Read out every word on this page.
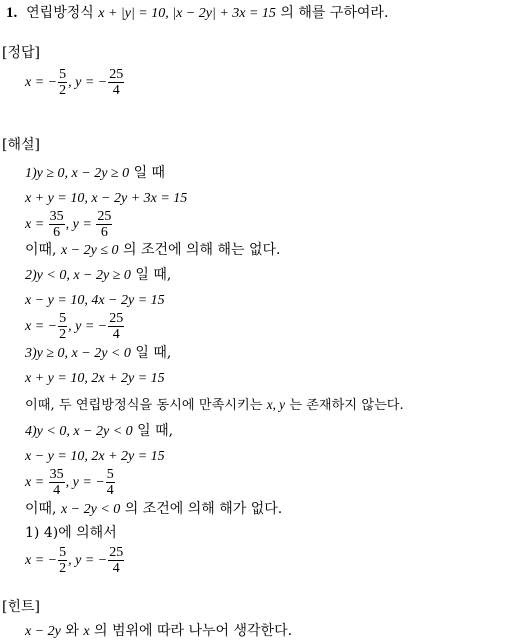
1. 연립방정식 x + |y| = 10, |x − 2y| + 3x = 15 의 해를 구하여라.
[정답]
x = − $\frac{5}{2}$ , y = − $\frac{25}{4}$
[해설]
1)y ≥ 0, x − 2y ≥ 0 일 때
x + y = 10, x − 2y + 3x = 15
$x = \frac{35}{6}$ , $y = \frac{25}{6}$
이때, x − 2y ≤ 0 의 조건에 의해 해는 없다.
2)y < 0, x − 2y ≥ 0 일 때,
x − y = 10, 4x − 2y = 15
x = − $\frac{5}{2}$ , y = − $\frac{25}{4}$
3)y ≥ 0, x − 2y < 0 일 때,
x + y = 10, 2x + 2y = 15
이때, 두 연립방정식을 동시에 만족시키는 x, y 는 존재하지 않는다.
4)y < 0, x − 2y < 0 일 때,
x − y = 10, 2x + 2y = 15
$x = \frac{35}{4}$ , y = − $\frac{5}{4}$
이때, x − 2y < 0 의 조건에 의해 해가 없다.
1) 4)에 의해서
x = − $\frac{5}{2}$ , y = − $\frac{25}{4}$
[힌트]
x − 2y 와 x 의 범위에 따라 나누어 생각한다.
